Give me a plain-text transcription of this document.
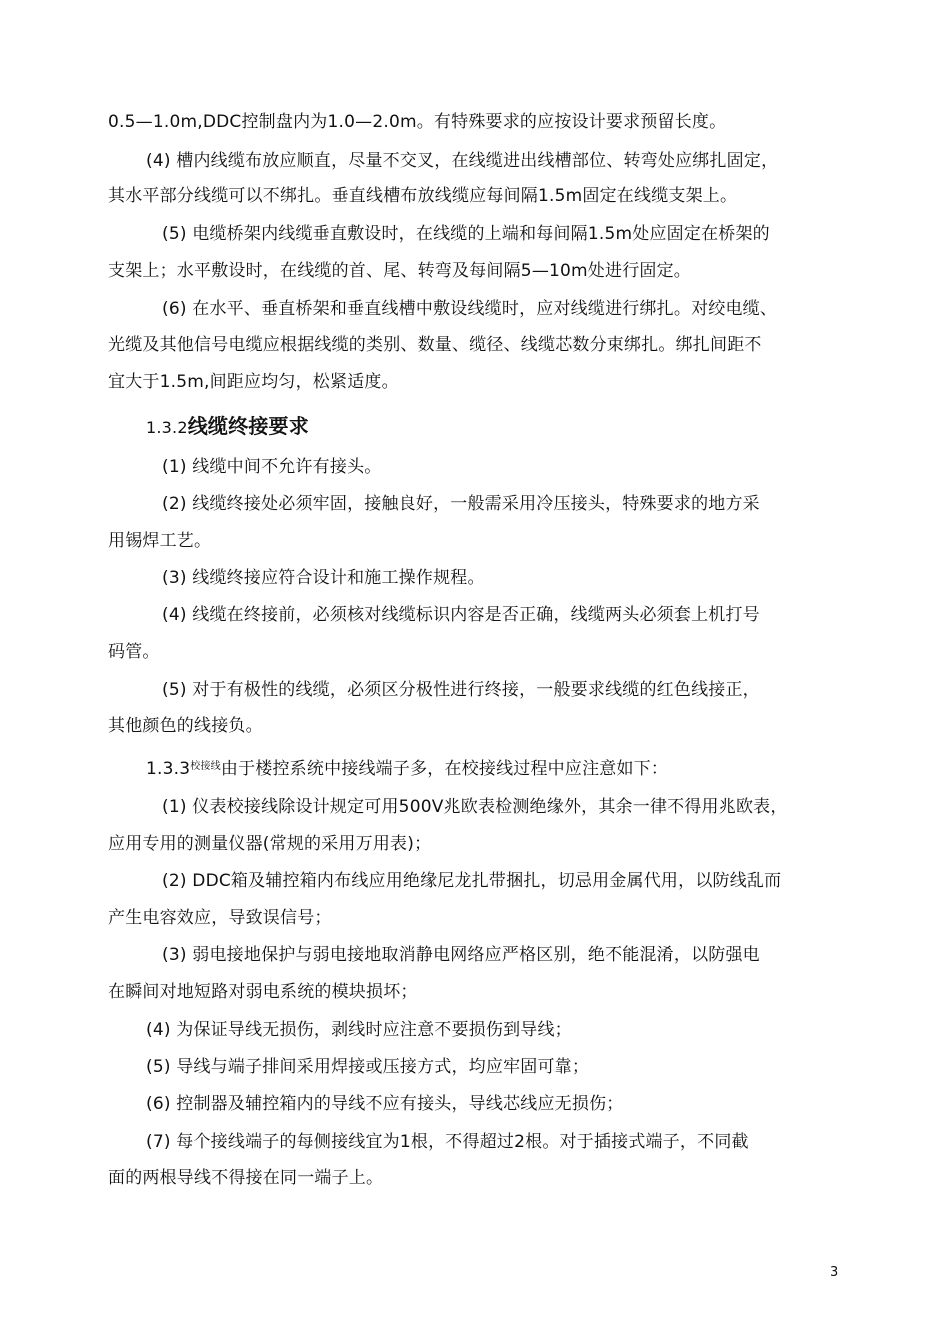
0.5—1.0m,DDC控制盘内为1.0—2.0m。有特殊要求的应按设计要求预留长度。
(4) 槽内线缆布放应顺直，尽量不交叉，在线缆进出线槽部位、转弯处应绑扎固定，
其水平部分线缆可以不绑扎。垂直线槽布放线缆应每间隔1.5m固定在线缆支架上。
(5) 电缆桥架内线缆垂直敷设时，在线缆的上端和每间隔1.5m处应固定在桥架的
支架上；水平敷设时，在线缆的首、尾、转弯及每间隔5—10m处进行固定。
(6) 在水平、垂直桥架和垂直线槽中敷设线缆时，应对线缆进行绑扎。对绞电缆、
光缆及其他信号电缆应根据线缆的类别、数量、缆径、线缆芯数分束绑扎。绑扎间距不
宜大于1.5m,间距应均匀，松紧适度。
1.3.2线缆终接要求
(1) 线缆中间不允许有接头。
(2) 线缆终接处必须牢固，接触良好，一般需采用冷压接头，特殊要求的地方采
用锡焊工艺。
(3) 线缆终接应符合设计和施工操作规程。
(4) 线缆在终接前，必须核对线缆标识内容是否正确，线缆两头必须套上机打号
码管。
(5) 对于有极性的线缆，必须区分极性进行终接，一般要求线缆的红色线接正，
其他颜色的线接负。
$1.3.3^{校接线}$由于楼控系统中接线端子多，在校接线过程中应注意如下：
(1) 仪表校接线除设计规定可用500V兆欧表检测绝缘外，其余一律不得用兆欧表，
应用专用的测量仪器(常规的采用万用表)；
(2) DDC箱及辅控箱内布线应用绝缘尼龙扎带捆扎，切忌用金属代用，以防线乱而
产生电容效应，导致误信号；
(3) 弱电接地保护与弱电接地取消静电网络应严格区别，绝不能混淆，以防强电
在瞬间对地短路对弱电系统的模块损坏；
(4) 为保证导线无损伤，剥线时应注意不要损伤到导线；
(5) 导线与端子排间采用焊接或压接方式，均应牢固可靠；
(6) 控制器及辅控箱内的导线不应有接头，导线芯线应无损伤；
(7) 每个接线端子的每侧接线宜为1根，不得超过2根。对于插接式端子，不同截
面的两根导线不得接在同一端子上。
3
